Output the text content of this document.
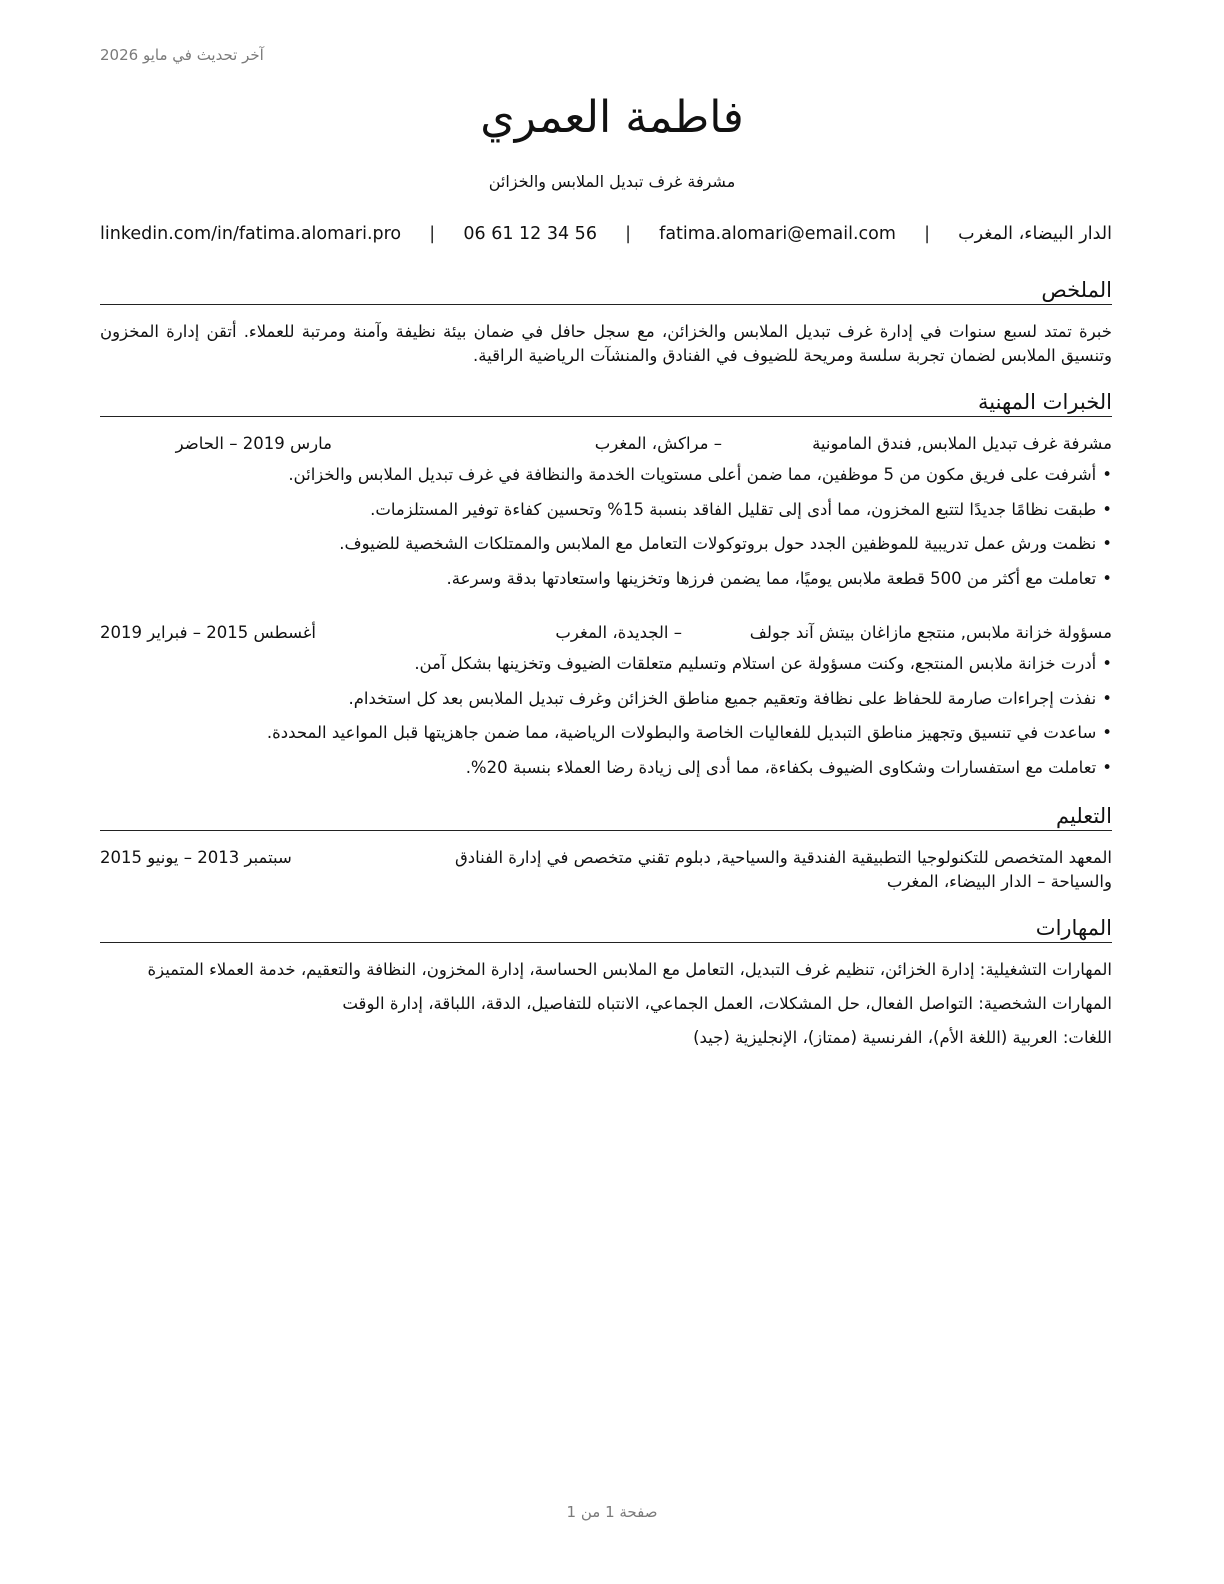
آخر تحديث في مايو 2026
فاطمة العمري
مشرفة غرف تبديل الملابس والخزائن
الدار البيضاء، المغرب
|
fatima.alomari@email.com
|
06 61 12 34 56
|
linkedin.com/in/fatima.alomari.pro
الملخص
خبرة تمتد لسبع سنوات في إدارة غرف تبديل الملابس والخزائن، مع سجل حافل في ضمان بيئة نظيفة وآمنة ومرتبة للعملاء. أتقن إدارة المخزون وتنسيق الملابس لضمان تجربة سلسة ومريحة للضيوف في الفنادق والمنشآت الرياضية الراقية.
الخبرات المهنية
مشرفة غرف تبديل الملابس, فندق المامونية
– مراكش، المغرب
مارس 2019 – الحاضر
•أشرفت على فريق مكون من 5 موظفين، مما ضمن أعلى مستويات الخدمة والنظافة في غرف تبديل الملابس والخزائن.
•طبقت نظامًا جديدًا لتتبع المخزون، مما أدى إلى تقليل الفاقد بنسبة 15% وتحسين كفاءة توفير المستلزمات.
•نظمت ورش عمل تدريبية للموظفين الجدد حول بروتوكولات التعامل مع الملابس والممتلكات الشخصية للضيوف.
•تعاملت مع أكثر من 500 قطعة ملابس يوميًا، مما يضمن فرزها وتخزينها واستعادتها بدقة وسرعة.
مسؤولة خزانة ملابس, منتجع مازاغان بيتش آند جولف
– الجديدة، المغرب
أغسطس 2015 – فبراير 2019
•أدرت خزانة ملابس المنتجع، وكنت مسؤولة عن استلام وتسليم متعلقات الضيوف وتخزينها بشكل آمن.
•نفذت إجراءات صارمة للحفاظ على نظافة وتعقيم جميع مناطق الخزائن وغرف تبديل الملابس بعد كل استخدام.
•ساعدت في تنسيق وتجهيز مناطق التبديل للفعاليات الخاصة والبطولات الرياضية، مما ضمن جاهزيتها قبل المواعيد المحددة.
•تعاملت مع استفسارات وشكاوى الضيوف بكفاءة، مما أدى إلى زيادة رضا العملاء بنسبة 20%.
التعليم
المعهد المتخصص للتكنولوجيا التطبيقية الفندقية والسياحية, دبلوم تقني متخصص في إدارة الفنادق
سبتمبر 2013 – يونيو 2015
والسياحة – الدار البيضاء، المغرب
المهارات

المهارات التشغيلية: إدارة الخزائن، تنظيم غرف التبديل، التعامل مع الملابس الحساسة، إدارة المخزون، النظافة والتعقيم، خدمة العملاء المتميزة

المهارات الشخصية: التواصل الفعال، حل المشكلات، العمل الجماعي، الانتباه للتفاصيل، الدقة، اللباقة، إدارة الوقت

اللغات: العربية (اللغة الأم)، الفرنسية (ممتاز)، الإنجليزية (جيد)

صفحة 1 من 1
